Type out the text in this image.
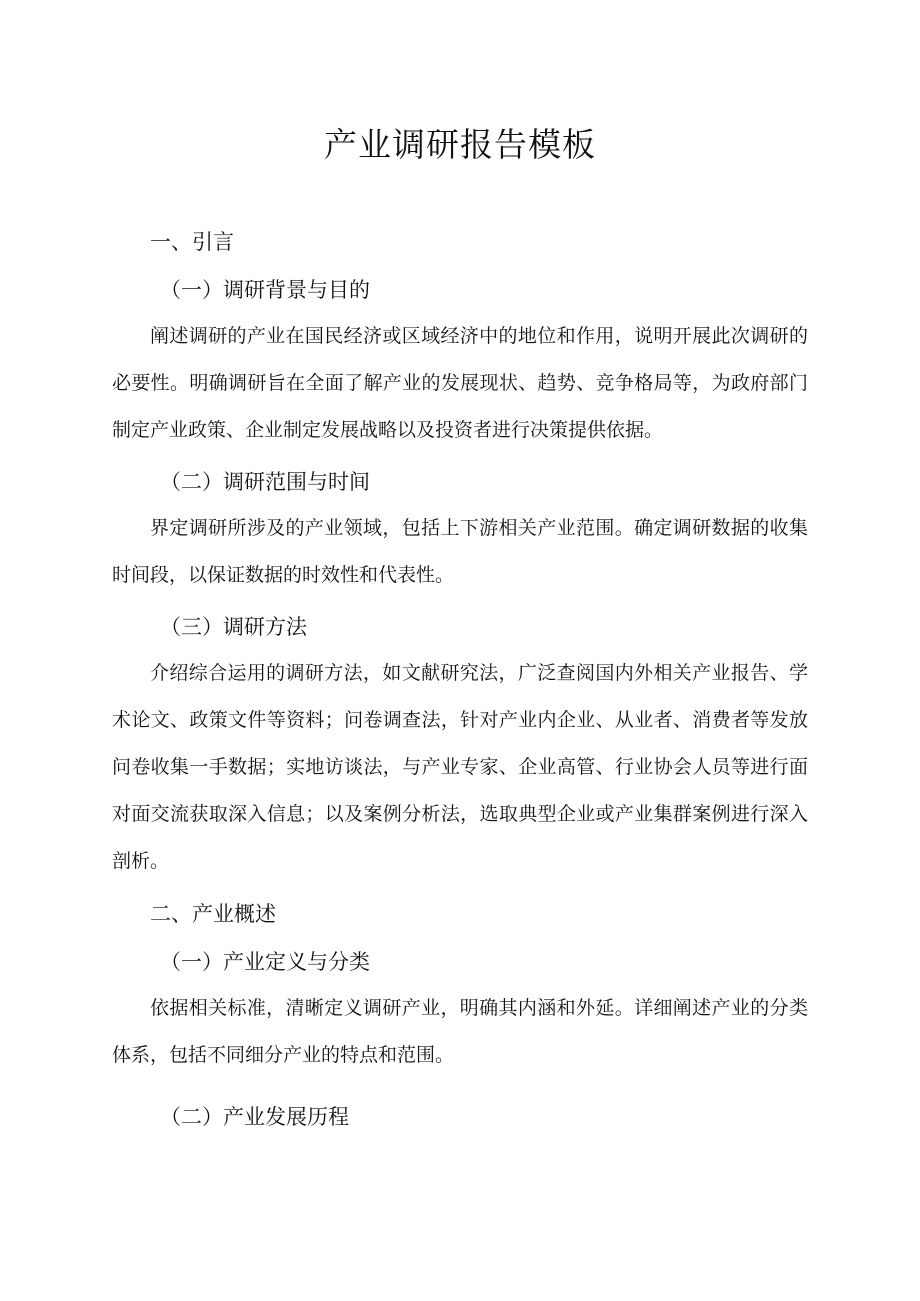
产业调研报告模板
一、引言
（一）调研背景与目的

阐述调研的产业在国民经济或区域经济中的地位和作用，说明开展此次调研的必要性。明确调研旨在全面了解产业的发展现状、趋势、竞争格局等，为政府部门制定产业政策、企业制定发展战略以及投资者进行决策提供依据。

（二）调研范围与时间

界定调研所涉及的产业领域，包括上下游相关产业范围。确定调研数据的收集时间段，以保证数据的时效性和代表性。

（三）调研方法

介绍综合运用的调研方法，如文献研究法，广泛查阅国内外相关产业报告、学术论文、政策文件等资料；问卷调查法，针对产业内企业、从业者、消费者等发放问卷收集一手数据；实地访谈法，与产业专家、企业高管、行业协会人员等进行面对面交流获取深入信息；以及案例分析法，选取典型企业或产业集群案例进行深入剖析。

二、产业概述
（一）产业定义与分类

依据相关标准，清晰定义调研产业，明确其内涵和外延。详细阐述产业的分类体系，包括不同细分产业的特点和范围。

（二）产业发展历程
